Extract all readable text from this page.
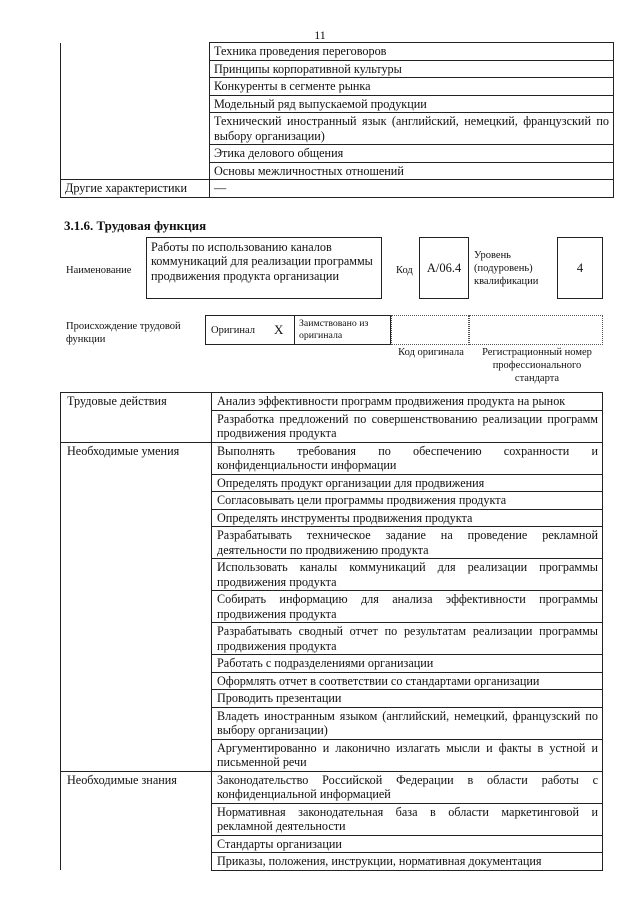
11
	Техника проведения переговоров
	Принципы корпоративной культуры
	Конкуренты в сегменте рынка
	Модельный ряд выпускаемой продукции
	Технический иностранный язык (английский, немецкий, французский по выбору организации)
	Этика делового общения
	Основы межличностных отношений
Другие характеристики	—
3.1.6. Трудовая функция
Наименование
Работы по использованию каналов коммуникаций для реализации программы продвижения продукта организации	Код	А/06.4
Уровень (подуровень) квалификации
4
Происхождение трудовой функции
Оригинал X Заимствовано из оригинала
Код оригинала	Регистрационный номер профессионального стандарта
Трудовые действия	Анализ эффективности программ продвижения продукта на рынок
	Разработка предложений по совершенствованию реализации программ продвижения продукта
Необходимые умения	Выполнять требования по обеспечению сохранности и конфиденциальности информации
	Определять продукт организации для продвижения
	Согласовывать цели программы продвижения продукта
	Определять инструменты продвижения продукта
	Разрабатывать техническое задание на проведение рекламной деятельности по продвижению продукта
	Использовать каналы коммуникаций для реализации программы продвижения продукта
	Собирать информацию для анализа эффективности программы продвижения продукта
	Разрабатывать сводный отчет по результатам реализации программы продвижения продукта
	Работать с подразделениями организации
	Оформлять отчет в соответствии со стандартами организации
	Проводить презентации
	Владеть иностранным языком (английский, немецкий, французский по выбору организации)
	Аргументированно и лаконично излагать мысли и факты в устной и письменной речи
Необходимые знания	Законодательство Российской Федерации в области работы с конфиденциальной информацией
	Нормативная законодательная база в области маркетинговой и рекламной деятельности
	Стандарты организации
	Приказы, положения, инструкции, нормативная документация
